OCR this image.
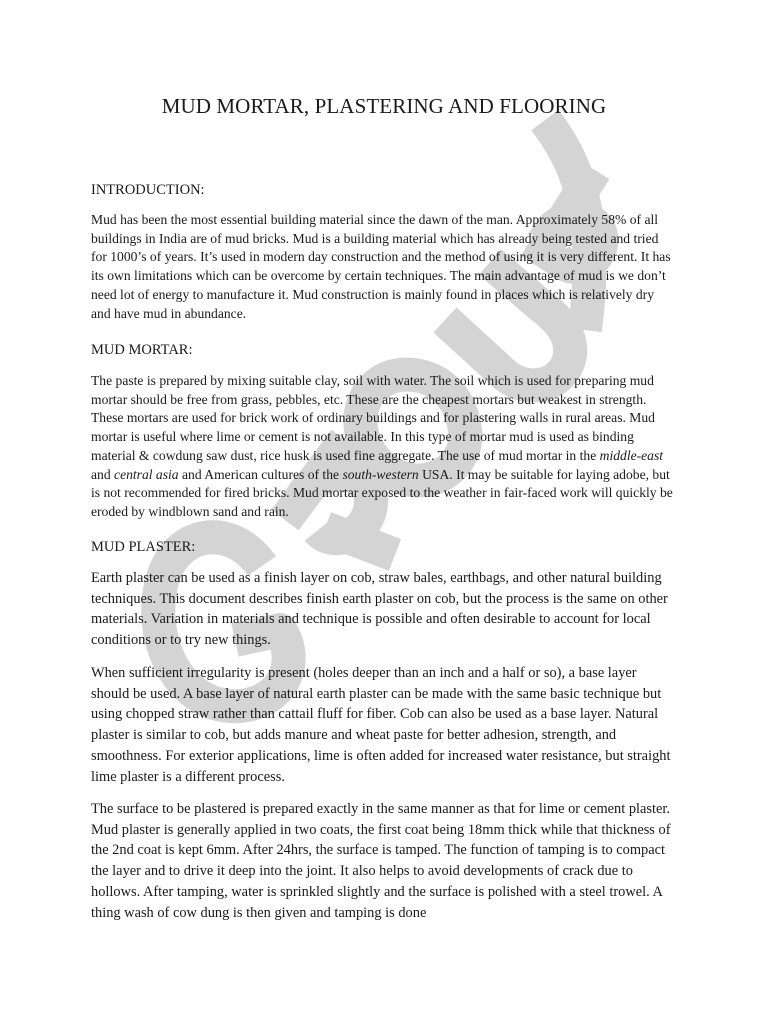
MUD MORTAR, PLASTERING AND FLOORING
INTRODUCTION:

Mud has been the most essential building material since the dawn of the man. Approximately 58% of all buildings in India are of mud bricks. Mud is a building material which has already being tested and tried for 1000’s of years. It’s used in modern day construction and the method of using it is very different. It has its own limitations which can be overcome by certain techniques. The main advantage of mud is we don’t need lot of energy to manufacture it. Mud construction is mainly found in places which is relatively dry and have mud in abundance.

MUD MORTAR:

The paste is prepared by mixing suitable clay, soil with water. The soil which is used for preparing mud mortar should be free from grass, pebbles, etc. These are the cheapest mortars but weakest in strength. These mortars are used for brick work of ordinary buildings and for plastering walls in rural areas. Mud mortar is useful where lime or cement is not available. In this type of mortar mud is used as binding material & cowdung saw dust, rice husk is used fine aggregate. The use of mud mortar in the middle-east and central asia and American cultures of the south-western USA. It may be suitable for laying adobe, but is not recommended for fired bricks. Mud mortar exposed to the weather in fair-faced work will quickly be eroded by windblown sand and rain.

MUD PLASTER:

Earth plaster can be used as a finish layer on cob, straw bales, earthbags, and other natural building techniques. This document describes finish earth plaster on cob, but the process is the same on other materials. Variation in materials and technique is possible and often desirable to account for local conditions or to try new things.

When sufficient irregularity is present (holes deeper than an inch and a half or so), a base layer should be used. A base layer of natural earth plaster can be made with the same basic technique but using chopped straw rather than cattail fluff for fiber. Cob can also be used as a base layer. Natural plaster is similar to cob, but adds manure and wheat paste for better adhesion, strength, and smoothness. For exterior applications, lime is often added for increased water resistance, but straight lime plaster is a different process.

The surface to be plastered is prepared exactly in the same manner as that for lime or cement plaster. Mud plaster is generally applied in two coats, the first coat being 18mm thick while that thickness of the 2nd coat is kept 6mm. After 24hrs, the surface is tamped. The function of tamping is to compact the layer and to drive it deep into the joint. It also helps to avoid developments of crack due to hollows. After tamping, water is sprinkled slightly and the surface is polished with a steel trowel. A thing wash of cow dung is then given and tamping is done
